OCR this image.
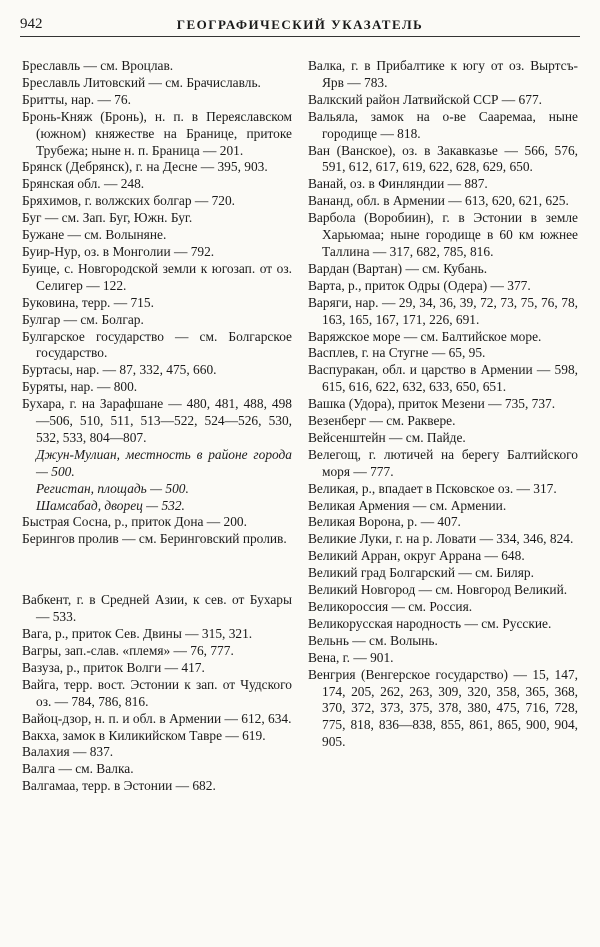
942	ГЕОГРАФИЧЕСКИЙ УКАЗАТЕЛЬ
Бреславль — см. Вроцлав.
Бреславль Литовский — см. Брачиславль.
Бритты, нар. — 76.
Бронь-Княж (Бронь), н. п. в Переяславском (южном) княжестве на Бранице, притоке Трубежа; ныне н. п. Браница — 201.
Брянск (Дебрянск), г. на Десне — 395, 903.
Брянская обл. — 248.
Бряхимов, г. волжских болгар — 720.
Буг — см. Зап. Буг, Южн. Буг.
Бужане — см. Волыняне.
Буир-Нур, оз. в Монголии — 792.
Буице, с. Новгородской земли к югозап. от оз. Селигер — 122.
Буковина, терр. — 715.
Булгар — см. Болгар.
Булгарское государство — см. Болгарское государство.
Буртасы, нар. — 87, 332, 475, 660.
Буряты, нар. — 800.
Бухара, г. на Зарафшане — 480, 481, 488, 498—506, 510, 511, 513—522, 524—526, 530, 532, 533, 804—807.
Джун-Мулиан, местность в районе города — 500.
Регистан, площадь — 500.
Шамсабад, дворец — 532.
Быстрая Сосна, р., приток Дона — 200.
Берингов пролив — см. Беринговский пролив.
Вабкент, г. в Средней Азии, к сев. от Бухары — 533.
Вага, р., приток Сев. Двины — 315, 321.
Вагры, зап.-слав. «племя» — 76, 777.
Вазуза, р., приток Волги — 417.
Вайга, терр. вост. Эстонии к зап. от Чудского оз. — 784, 786, 816.
Вайоц-дзор, н. п. и обл. в Армении — 612, 634.
Вакха, замок в Киликийском Тавре — 619.
Валахия — 837.
Валга — см. Валка.
Валгамаа, терр. в Эстонии — 682.
Валка, г. в Прибалтике к югу от оз. Выртсъ-Ярв — 783.
Валкский район Латвийской ССР — 677.
Вальяла, замок на о-ве Сааремаа, ныне городище — 818.
Ван (Ванское), оз. в Закавказье — 566, 576, 591, 612, 617, 619, 622, 628, 629, 650.
Ванай, оз. в Финляндии — 887.
Вананд, обл. в Армении — 613, 620, 621, 625.
Варбола (Воробиин), г. в Эстонии в земле Харьюмаа; ныне городище в 60 км южнее Таллина — 317, 682, 785, 816.
Вардан (Вартан) — см. Кубань.
Варта, р., приток Одры (Одера) — 377.
Варяги, нар. — 29, 34, 36, 39, 72, 73, 75, 76, 78, 163, 165, 167, 171, 226, 691.
Варяжское море — см. Балтийское море.
Васплев, г. на Стугне — 65, 95.
Васпуракан, обл. и царство в Армении — 598, 615, 616, 622, 632, 633, 650, 651.
Вашка (Удора), приток Мезени — 735, 737.
Везенберг — см. Раквере.
Вейсенштейн — см. Пайде.
Велегощ, г. лютичей на берегу Балтийского моря — 777.
Великая, р., впадает в Псковское оз. — 317.
Великая Армения — см. Армении.
Великая Ворона, р. — 407.
Великие Луки, г. на р. Ловати — 334, 346, 824.
Великий Арран, округ Аррана — 648.
Великий град Болгарский — см. Биляр.
Великий Новгород — см. Новгород Великий.
Великороссия — см. Россия.
Великорусская народность — см. Русские.
Вельнь — см. Волынь.
Вена, г. — 901.
Венгрия (Венгерское государство) — 15, 147, 174, 205, 262, 263, 309, 320, 358, 365, 368, 370, 372, 373, 375, 378, 380, 475, 716, 728, 775, 818, 836—838, 855, 861, 865, 900, 904, 905.
